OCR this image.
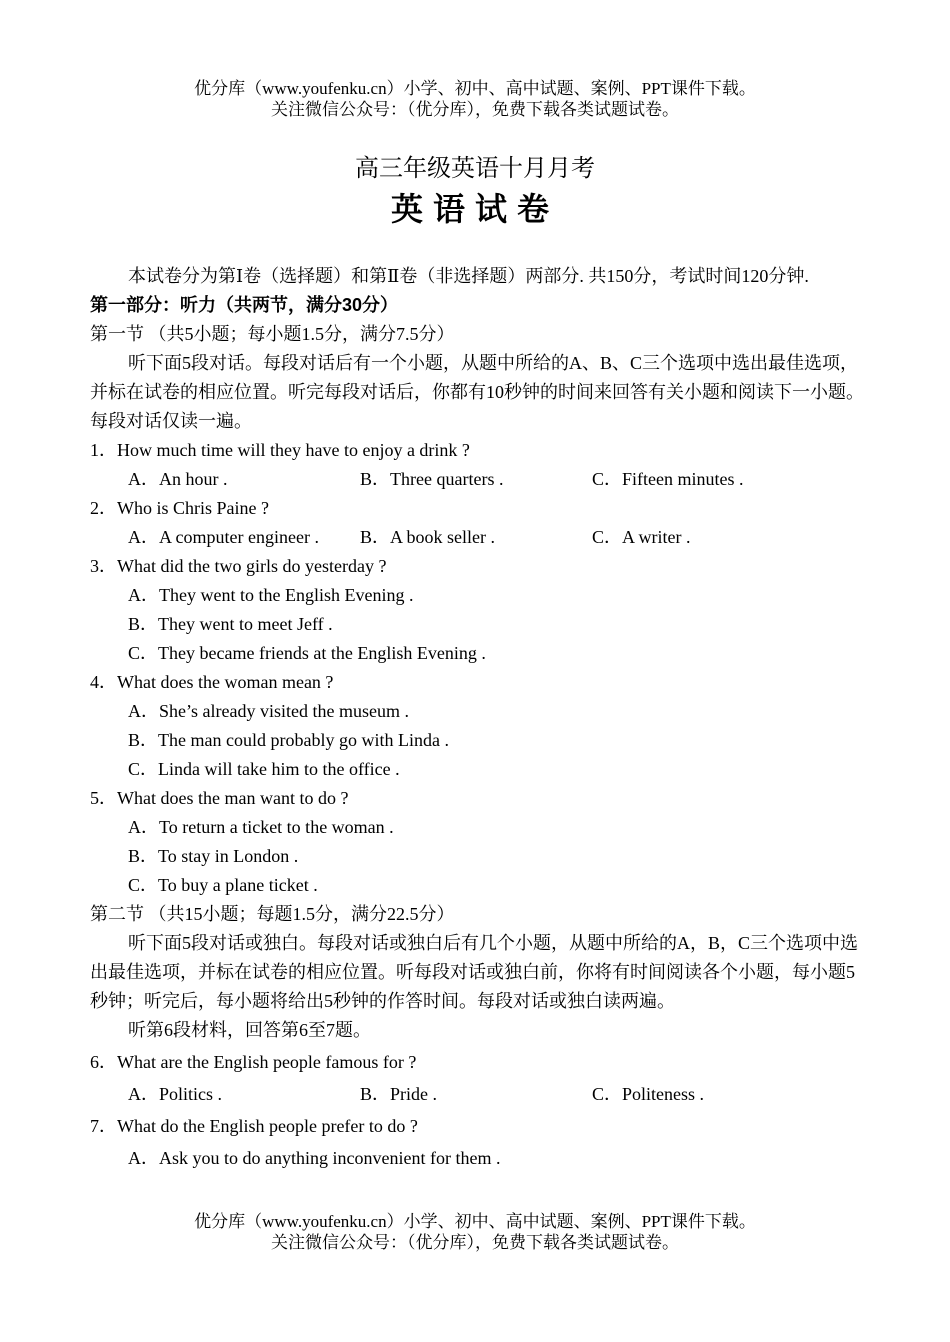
优分库（www.youfenku.cn）小学、初中、高中试题、案例、PPT课件下载。
关注微信公众号：（优分库），免费下载各类试题试卷。
高三年级英语十月月考
英语试卷

本试卷分为第Ⅰ卷（选择题）和第Ⅱ卷（非选择题）两部分. 共150分，考试时间120分钟.

第一部分：听力（共两节，满分30分）

第一节 （共5小题；每小题1.5分，满分7.5分）

听下面5段对话。每段对话后有一个小题，从题中所给的A、B、C三个选项中选出最佳选项，并标在试卷的相应位置。听完每段对话后，你都有10秒钟的时间来回答有关小题和阅读下一小题。每段对话仅读一遍。

1．How much time will they have to enjoy a drink ?

A．An hour .	B．Three quarters .	C．Fifteen minutes .

2．Who is Chris Paine ?

A．A computer engineer .	B．A book seller .	C．A writer .

3．What did the two girls do yesterday ?

A．They went to the English Evening .

B．They went to meet Jeff .

C．They became friends at the English Evening .

4．What does the woman mean ?

A．She’s already visited the museum .

B．The man could probably go with Linda .

C．Linda will take him to the office .

5．What does the man want to do ?

A．To return a ticket to the woman .

B．To stay in London .

C．To buy a plane ticket .

第二节 （共15小题；每题1.5分，满分22.5分）

听下面5段对话或独白。每段对话或独白后有几个小题，从题中所给的A，B，C三个选项中选出最佳选项，并标在试卷的相应位置。听每段对话或独白前，你将有时间阅读各个小题，每小题5秒钟；听完后，每小题将给出5秒钟的作答时间。每段对话或独白读两遍。

听第6段材料，回答第6至7题。

6．What are the English people famous for ?

A．Politics .	B．Pride .	C．Politeness .

7．What do the English people prefer to do ?

A．Ask you to do anything inconvenient for them .

优分库（www.youfenku.cn）小学、初中、高中试题、案例、PPT课件下载。
关注微信公众号：（优分库），免费下载各类试题试卷。
